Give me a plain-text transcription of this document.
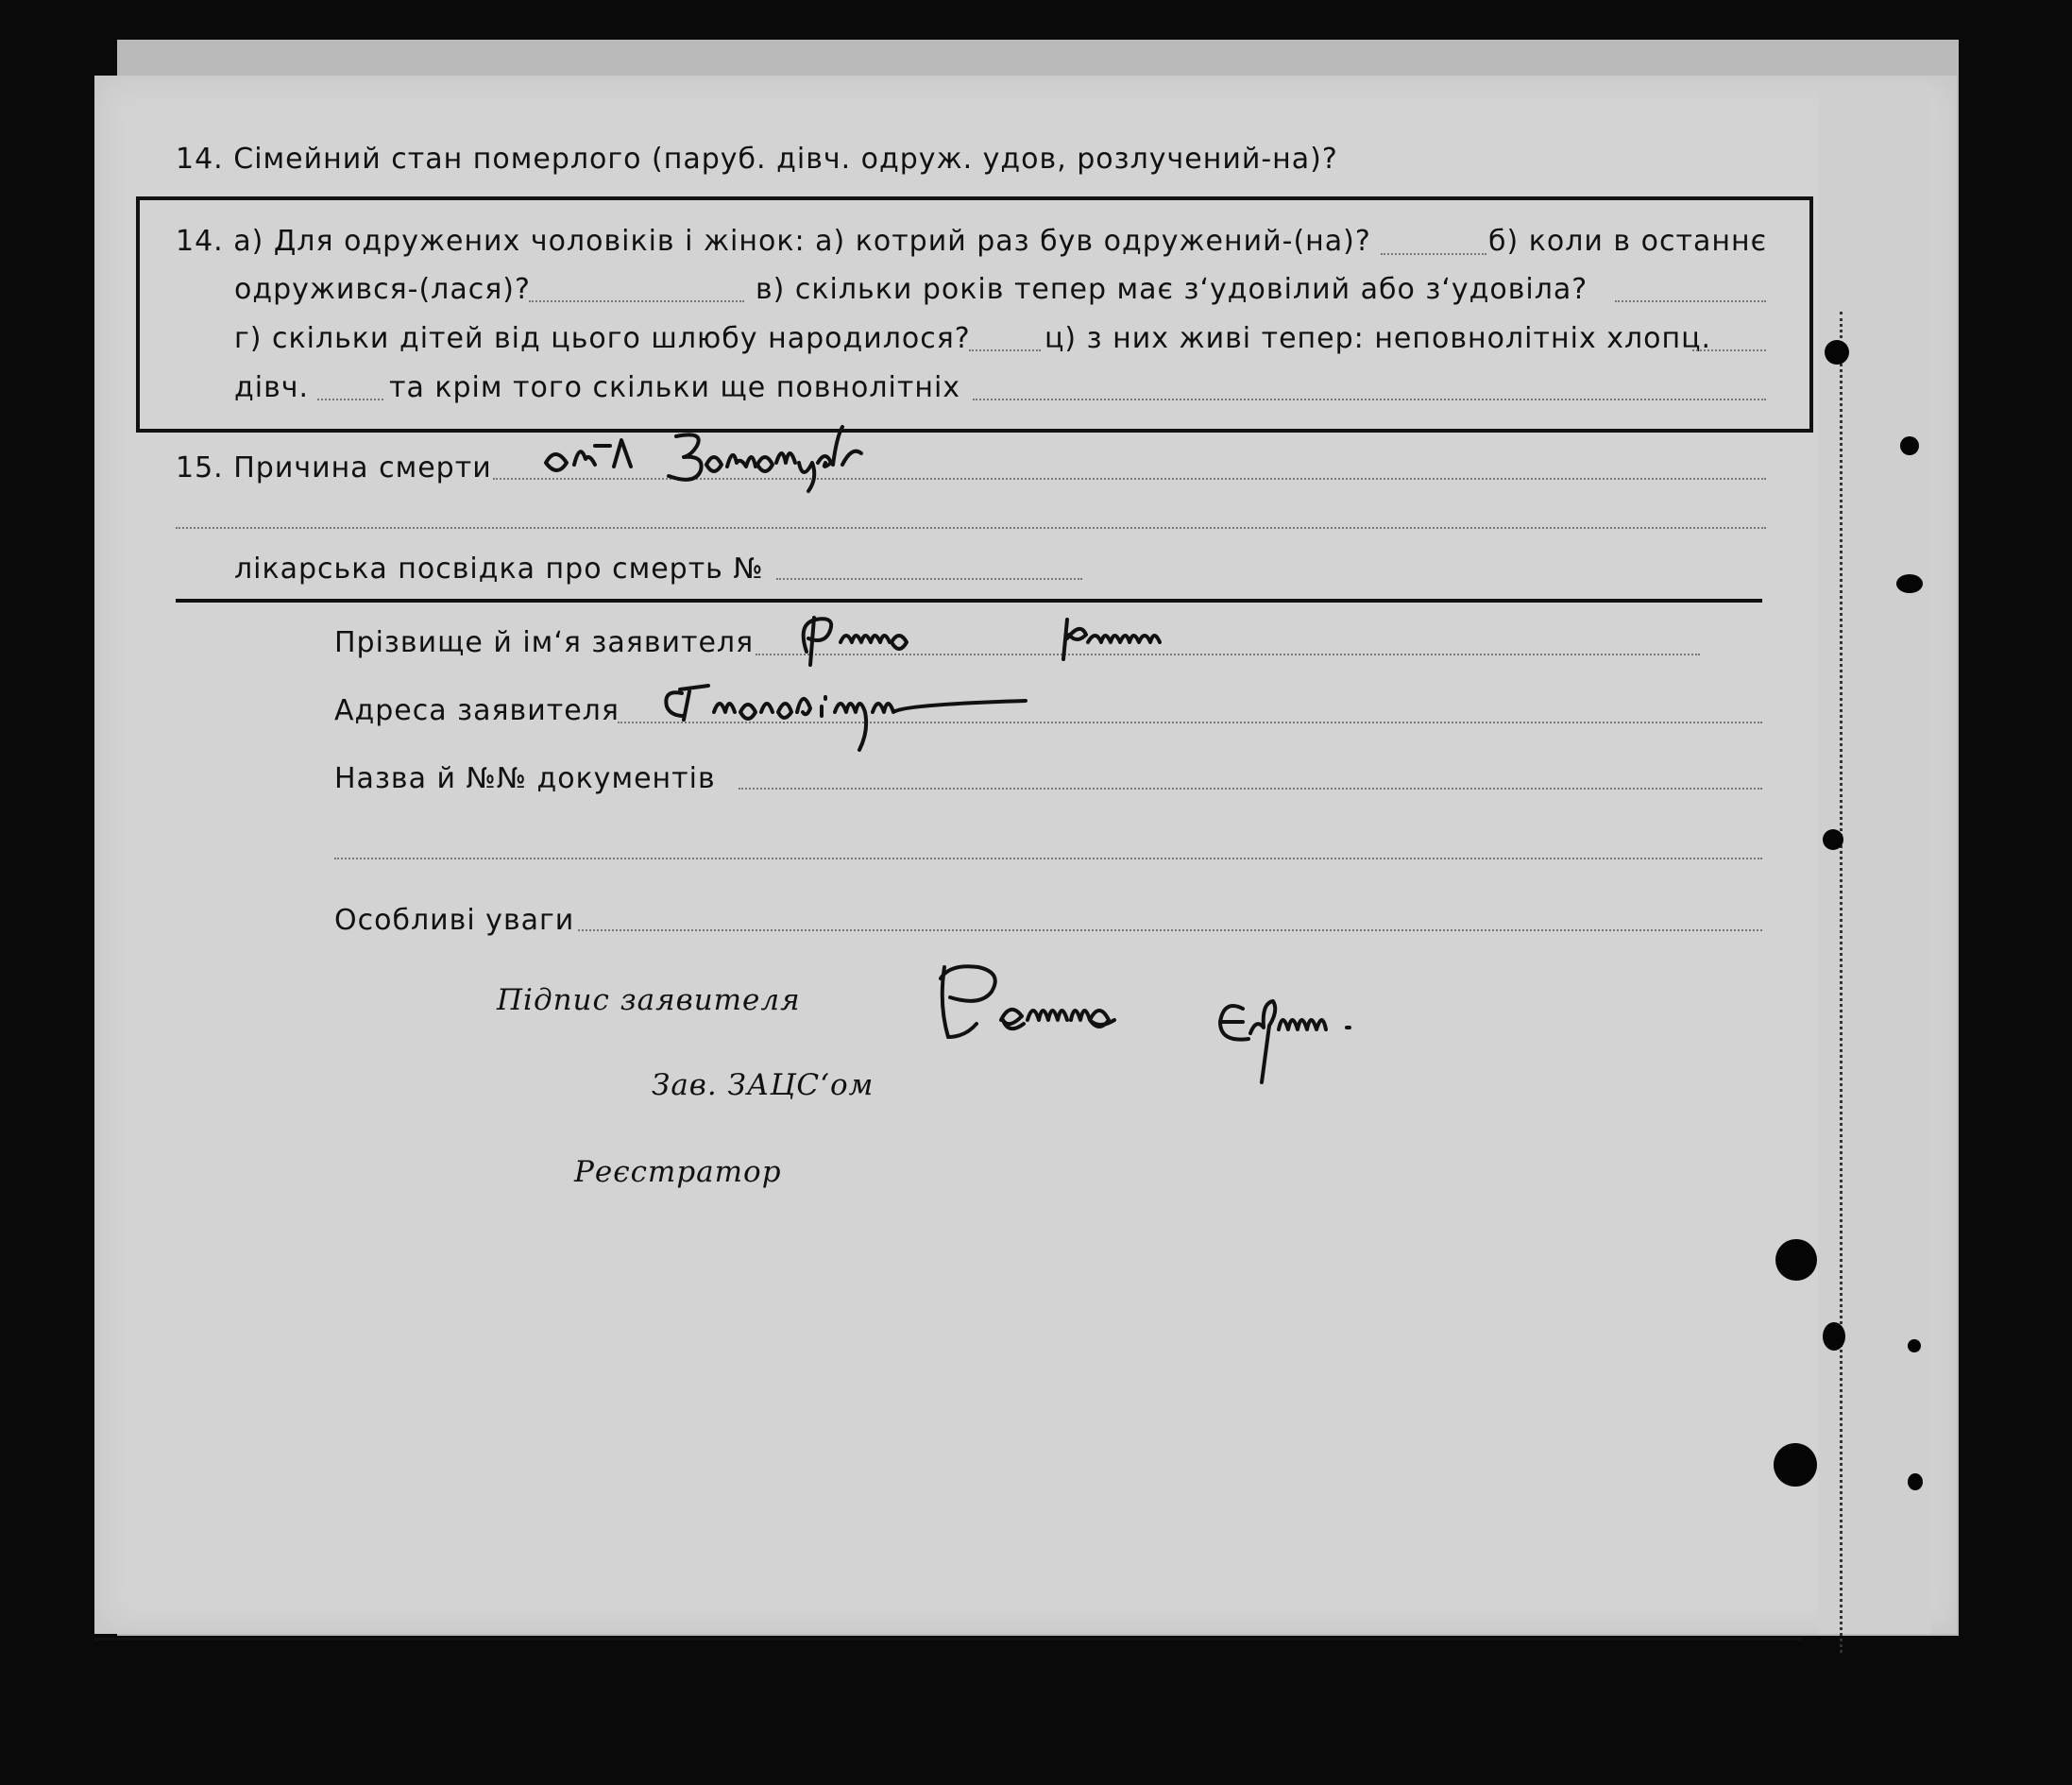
14. Сімейний стан померлого (паруб. дівч. одруж. удов, розлучений-на)?
14. а) Для одружених чоловіків і жінок: а) котрий раз був одружений-(на)?	б) коли в останнє
одружився-(лася)?	в) скільки років тепер має з‘удовілий або з‘удовіла?
г) скільки дітей від цього шлюбу народилося?	ц) з них живі тепер: неповнолітніх хлопц.
дівч.	та крім того скільки ще повнолітніх
15. Причина смерти
лікарська посвідка про смерть №
Прізвище й ім‘я заявителя
Адреса заявителя
Назва й №№ документів
Особливі уваги
Підпис заявителя
Зав. ЗАЦС‘ом
Реєстратор
